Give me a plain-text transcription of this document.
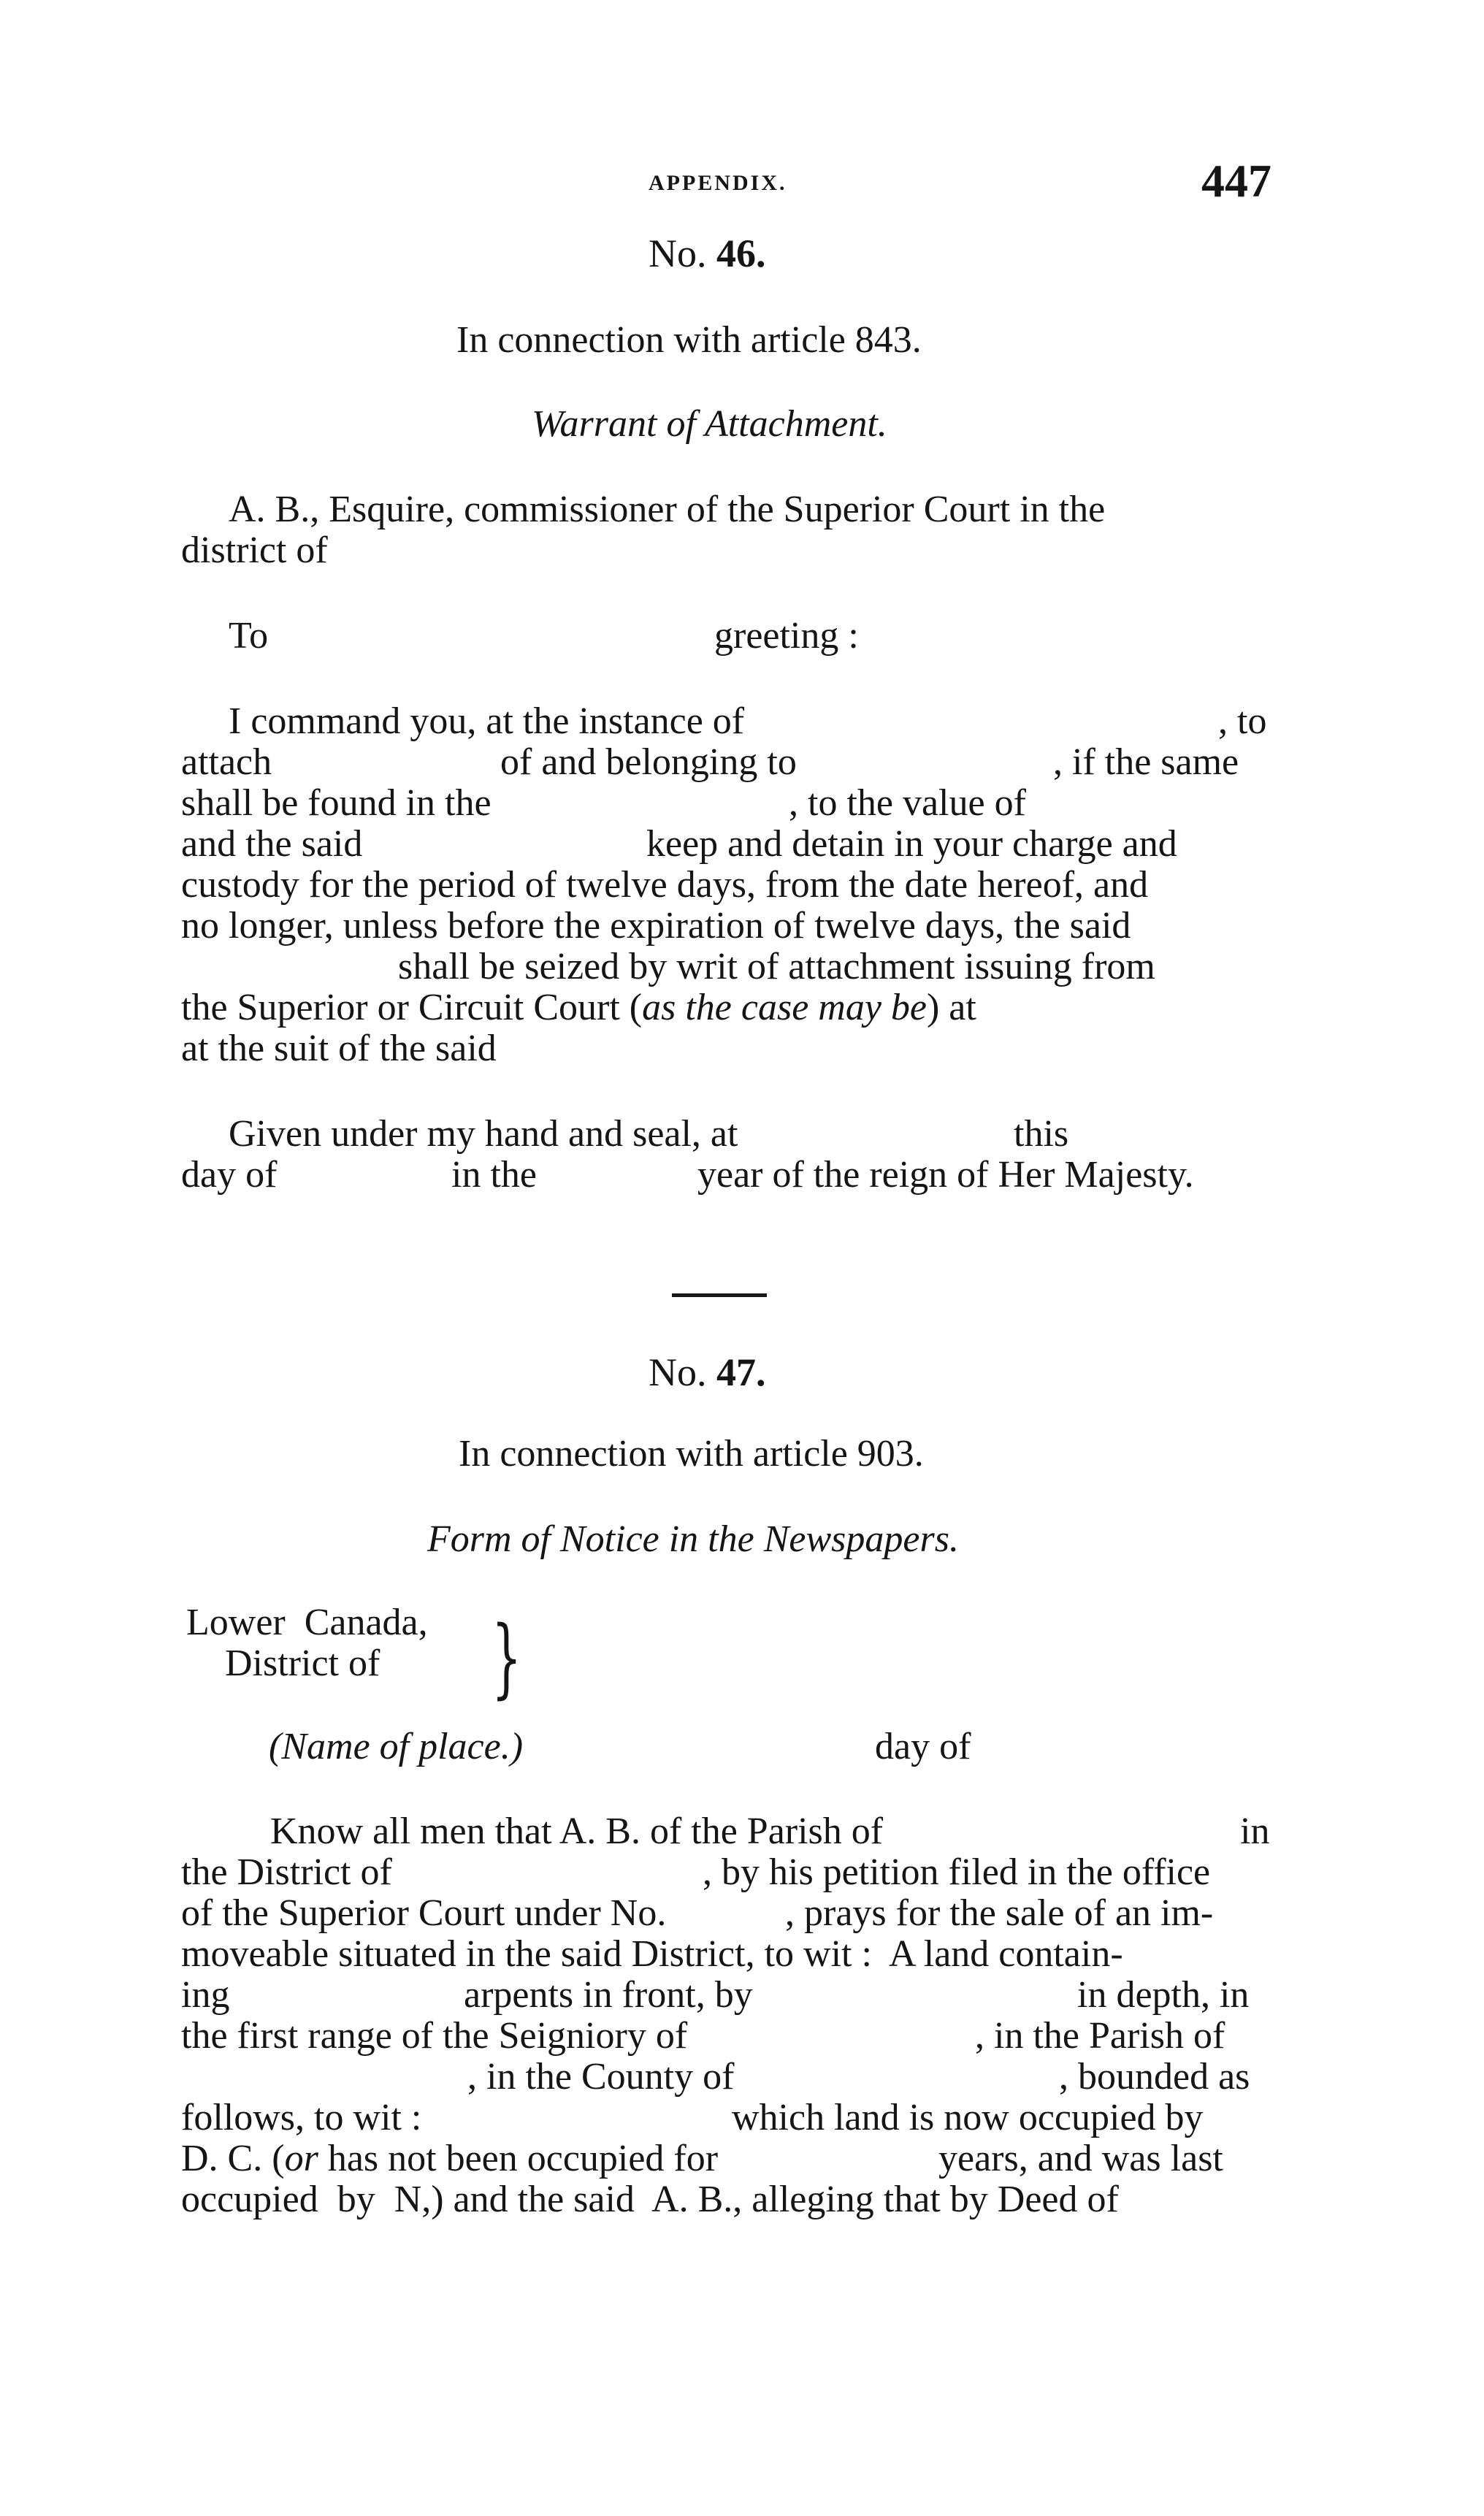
APPENDIX.	447
No. 46.
In connection with article 843.
Warrant of Attachment.
A. B., Esquire, commissioner of the Superior Court in the
district of
To	greeting :
I command you, at the instance of	, to
attach	of and belonging to	, if the same
shall be found in the	, to the value of
and the said	keep and detain in your charge and
custody for the period of twelve days, from the date hereof, and
no longer, unless before the expiration of twelve days, the said
shall be seized by writ of attachment issuing from
the Superior or Circuit Court (as the case may be) at
at the suit of the said
Given under my hand and seal, at	this
day of	in the	year of the reign of Her Majesty.
No. 47.
In connection with article 903.
Form of Notice in the Newspapers.
Lower  Canada,
District of }
(Name of place.)	day of
Know all men that A. B. of the Parish of	in
the District of	, by his petition filed in the office
of the Superior Court under No.	, prays for the sale of an im-
moveable situated in the said District, to wit :  A land contain-
ing	arpents in front, by	in depth, in
the first range of the Seigniory of	, in the Parish of
, in the County of	, bounded as
follows, to wit :	which land is now occupied by
D. C. (or has not been occupied for	years, and was last
occupied  by  N,) and the said  A. B., alleging that by Deed of
